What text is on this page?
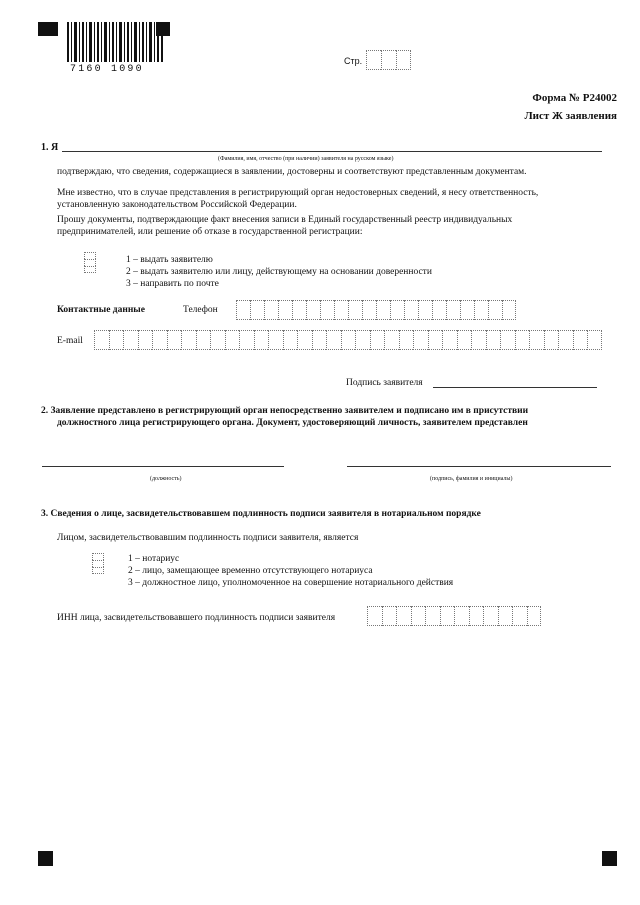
7160 1090
Стр.
Форма № Р24002
Лист Ж заявления
1. Я
(Фамилия, имя, отчество (при наличии) заявителя на русском языке)
подтверждаю, что сведения, содержащиеся в заявлении, достоверны и соответствуют представленным документам.
Мне известно, что в случае представления в регистрирующий орган недостоверных сведений, я несу ответственность,
установленную законодательством Российской Федерации.
Прошу документы, подтверждающие факт внесения записи в Единый государственный реестр индивидуальных
предпринимателей, или решение об отказе в государственной регистрации:
1 – выдать заявителю
2 – выдать заявителю или лицу, действующему на основании доверенности
3 – направить по почте
Контактные данные	Телефон
E-mail
Подпись заявителя
2. Заявление представлено в регистрирующий орган непосредственно заявителем и подписано им в присутствии
должностного лица регистрирующего органа. Документ, удостоверяющий личность, заявителем представлен
(должность)	(подпись, фамилия и инициалы)
3. Сведения о лице, засвидетельствовавшем подлинность подписи заявителя в нотариальном порядке
Лицом, засвидетельствовавшим подлинность подписи заявителя, является
1 – нотариус
2 – лицо, замещающее временно отсутствующего нотариуса
3 – должностное лицо, уполномоченное на совершение нотариального действия
ИНН лица, засвидетельствовавшего подлинность подписи заявителя
